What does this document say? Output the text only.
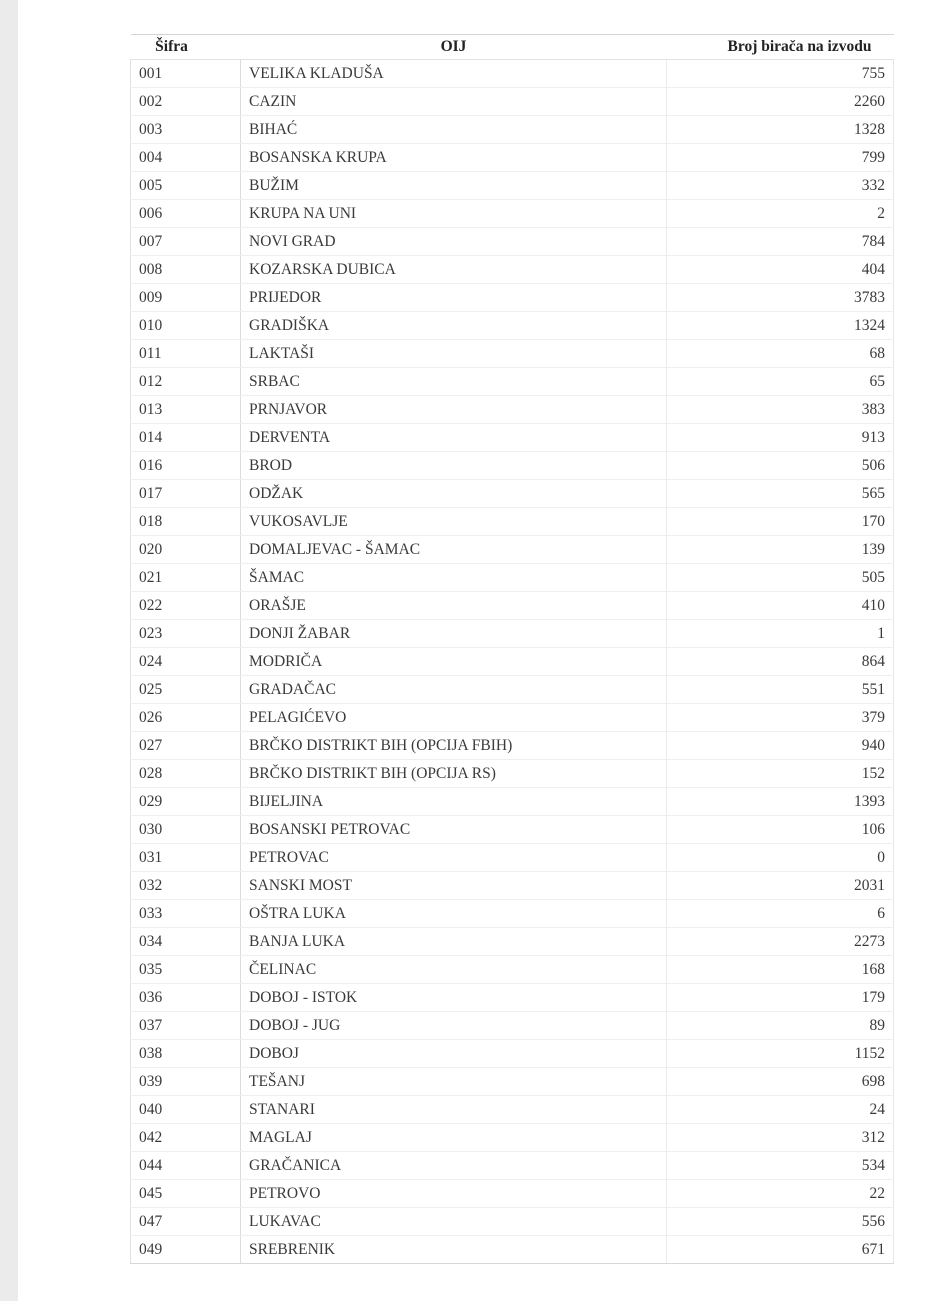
Šifra	OIJ	Broj birača na izvodu
001	VELIKA KLADUŠA	755
002	CAZIN	2260
003	BIHAĆ	1328
004	BOSANSKA KRUPA	799
005	BUŽIM	332
006	KRUPA NA UNI	2
007	NOVI GRAD	784
008	KOZARSKA DUBICA	404
009	PRIJEDOR	3783
010	GRADIŠKA	1324
011	LAKTAŠI	68
012	SRBAC	65
013	PRNJAVOR	383
014	DERVENTA	913
016	BROD	506
017	ODŽAK	565
018	VUKOSAVLJE	170
020	DOMALJEVAC - ŠAMAC	139
021	ŠAMAC	505
022	ORAŠJE	410
023	DONJI ŽABAR	1
024	MODRIČA	864
025	GRADAČAC	551
026	PELAGIĆEVO	379
027	BRČKO DISTRIKT BIH (OPCIJA FBIH)	940
028	BRČKO DISTRIKT BIH (OPCIJA RS)	152
029	BIJELJINA	1393
030	BOSANSKI PETROVAC	106
031	PETROVAC	0
032	SANSKI MOST	2031
033	OŠTRA LUKA	6
034	BANJA LUKA	2273
035	ČELINAC	168
036	DOBOJ - ISTOK	179
037	DOBOJ - JUG	89
038	DOBOJ	1152
039	TEŠANJ	698
040	STANARI	24
042	MAGLAJ	312
044	GRAČANICA	534
045	PETROVO	22
047	LUKAVAC	556
049	SREBRENIK	671
